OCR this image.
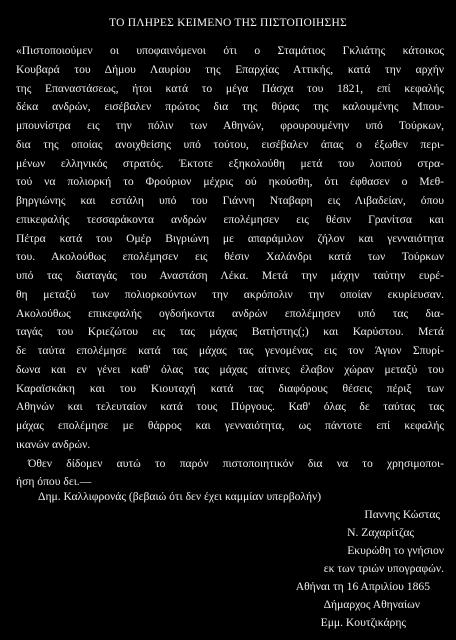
ΤΟ ΠΛΗΡΕΣ ΚΕΙΜΕΝΟ ΤΗΣ ΠΙΣΤΟΠΟΙΗΣΗΣ
«Πιστοποιούμεν οι υποφαινόμενοι ότι ο Σταμάτιος Γκλιάτης κάτοικος
Κουβαρά του Δήμου Λαυρίου της Επαρχίας Αττικής, κατά την αρχήν
της Επαναστάσεως, ήτοι κατά το μέγα Πάσχα του 1821, επί κεφαλής
δέκα ανδρών, εισέβαλεν πρώτος δια της θύρας της καλουμένης Μπου-
μπουνίστρα εις την πόλιν των Αθηνών, φρουρουμένην υπό Τούρκων,
δια της οποίας ανοιχθείσης υπό τούτου, εισέβαλεν άπας ο έξωθεν περι-
μένων ελληνικός στρατός. Έκτοτε εξηκολούθη μετά του λοιπού στρα-
τού να πολιορκή το Φρούριον μέχρις ού ηκούσθη, ότι έφθασεν ο Μεθ-
βηργιώνης και εστάλη υπό του Γιάννη Νταβαρη εις Λιβαδείαν, όπου
επικεφαλής τεσσαράκοντα ανδρών επολέμησεν εις θέσιν Γρανίτσα και
Πέτρα κατά του Ομέρ Βιγριώνη με απαράμιλον ζήλον και γενναιότητα
του. Ακολούθως επολέμησεν εις θέσιν Χαλάνδρι κατά των Τούρκων
υπό τας διαταγάς του Αναστάση Λέκα. Μετά την μάχην ταύτην ευρέ-
θη μεταξύ των πολιορκούντων την ακρόπολιν την οποίαν εκυρίευσαν.
Ακολούθως επικεφαλής ογδοήκοντα ανδρών επολέμησεν υπό τας δια-
ταγάς του Κριεζώτου εις τας μάχας Βατήστης(;) και Καρύστου. Μετά
δε ταύτα επολέμησε κατά τας μάχας τας γενομένας εις τον Άγιον Σπυρί-
δωνα και εν γένει καθ' όλας τας μάχας αίτινες έλαβον χώραν μεταξύ του
Καραϊσκάκη και του Κιουταχή κατά τας διαφόρους θέσεις πέριξ των
Αθηνών και τελευταίον κατά τους Πύργους. Καθ' όλας δε ταύτας τας
μάχας επολέμησε με θάρρος και γενναιότητα, ως πάντοτε επί κεφαλής
ικανών ανδρών.
Όθεν δίδομεν αυτώ το παρόν πιστοποιητικόν δια να το χρησιμοποι-
ήση όπου δει.—
Δημ. Καλλιφρονάς (βεβαιώ ότι δεν έχει καμμίαν υπερβολήν)
Παννης Κώστας
Ν. Ζαχαρίτζας
Εκυρώθη το γνήσιον
εκ των τριών υπογραφών.
Αθήναι τη 16 Απριλίου 1865
Δήμαρχος Αθηναίων
Εμμ. Κουτζικάρης
